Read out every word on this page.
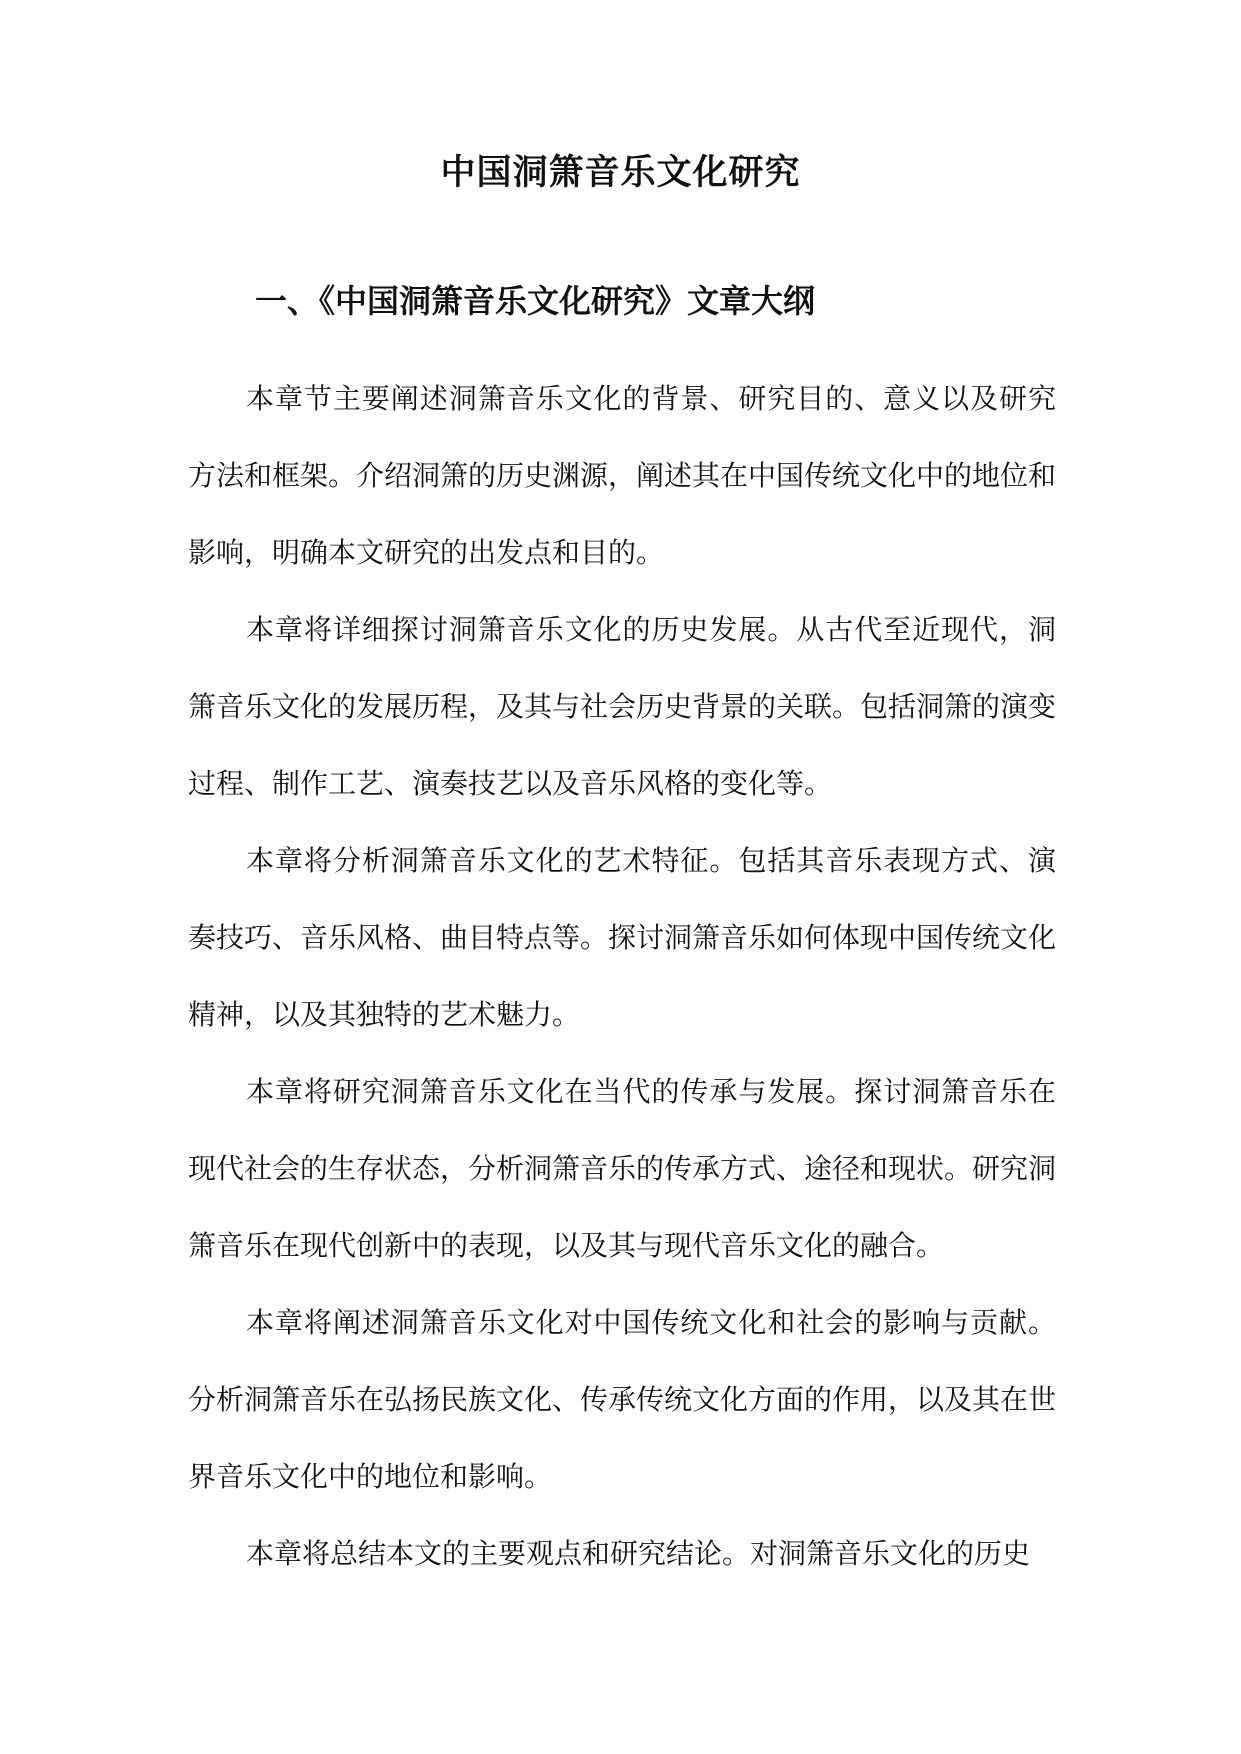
中国洞箫音乐文化研究
一、《中国洞箫音乐文化研究》文章大纲

本章节主要阐述洞箫音乐文化的背景、研究目的、意义以及研究方法和框架。介绍洞箫的历史渊源，阐述其在中国传统文化中的地位和影响，明确本文研究的出发点和目的。

本章将详细探讨洞箫音乐文化的历史发展。从古代至近现代，洞箫音乐文化的发展历程，及其与社会历史背景的关联。包括洞箫的演变过程、制作工艺、演奏技艺以及音乐风格的变化等。

本章将分析洞箫音乐文化的艺术特征。包括其音乐表现方式、演奏技巧、音乐风格、曲目特点等。探讨洞箫音乐如何体现中国传统文化精神，以及其独特的艺术魅力。

本章将研究洞箫音乐文化在当代的传承与发展。探讨洞箫音乐在现代社会的生存状态，分析洞箫音乐的传承方式、途径和现状。研究洞箫音乐在现代创新中的表现，以及其与现代音乐文化的融合。

本章将阐述洞箫音乐文化对中国传统文化和社会的影响与贡献。分析洞箫音乐在弘扬民族文化、传承传统文化方面的作用，以及其在世界音乐文化中的地位和影响。

本章将总结本文的主要观点和研究结论。对洞箫音乐文化的历史
